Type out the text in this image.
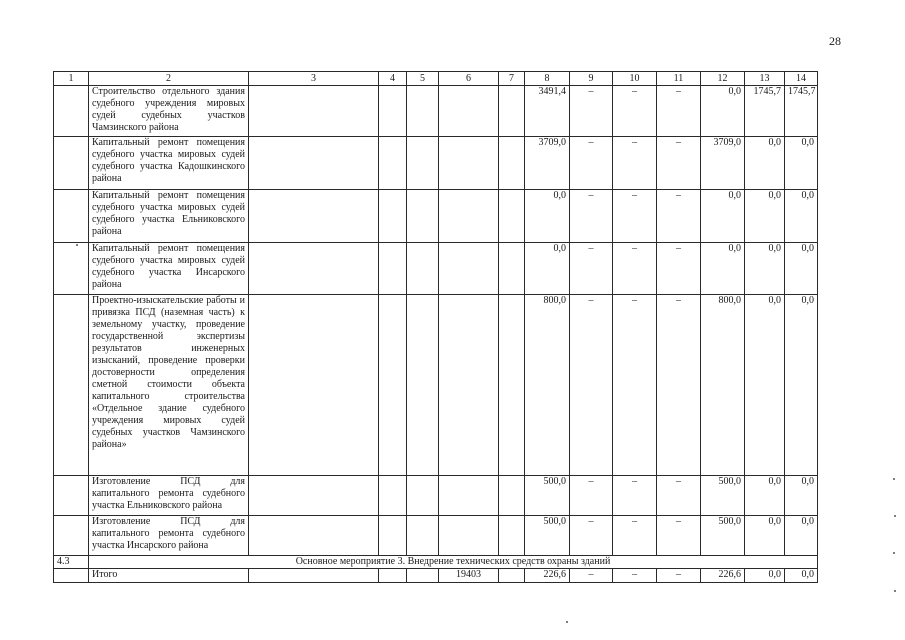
28
1	2	3	4	5	6	7	8	9	10	11	12	13	14
	Строительство отдельного здания судебного учреждения мировых судей судебных участков Чамзинского района						3491,4	–	–	–	0,0	1745,7	1745,7
	Капитальный ремонт помещения судебного участка мировых судей судебного участка Кадошкинского района						3709,0	–	–	–	3709,0	0,0	0,0
	Капитальный ремонт помещения судебного участка мировых судей судебного участка Ельниковского района						0,0	–	–	–	0,0	0,0	0,0
	Капитальный ремонт помещения судебного участка мировых судей судебного участка Инсарского района						0,0	–	–	–	0,0	0,0	0,0
	Проектно-изыскательские работы и привязка ПСД (наземная часть) к земельному участку, проведение государственной экспертизы результатов инженерных изысканий, проведение проверки достоверности определения сметной стоимости объекта капитального строительства «Отдельное здание судебного учреждения мировых судей судебных участков Чамзинского района»						800,0	–	–	–	800,0	0,0	0,0
	Изготовление ПСД для капитального ремонта судебного участка Ельниковского района						500,0	–	–	–	500,0	0,0	0,0
	Изготовление ПСД для капитального ремонта судебного участка Инсарского района						500,0	–	–	–	500,0	0,0	0,0
4.3	Основное мероприятие 3. Внедрение технических средств охраны зданий												
	Итого				19403		226,6	–	–	–	226,6	0,0	0,0
